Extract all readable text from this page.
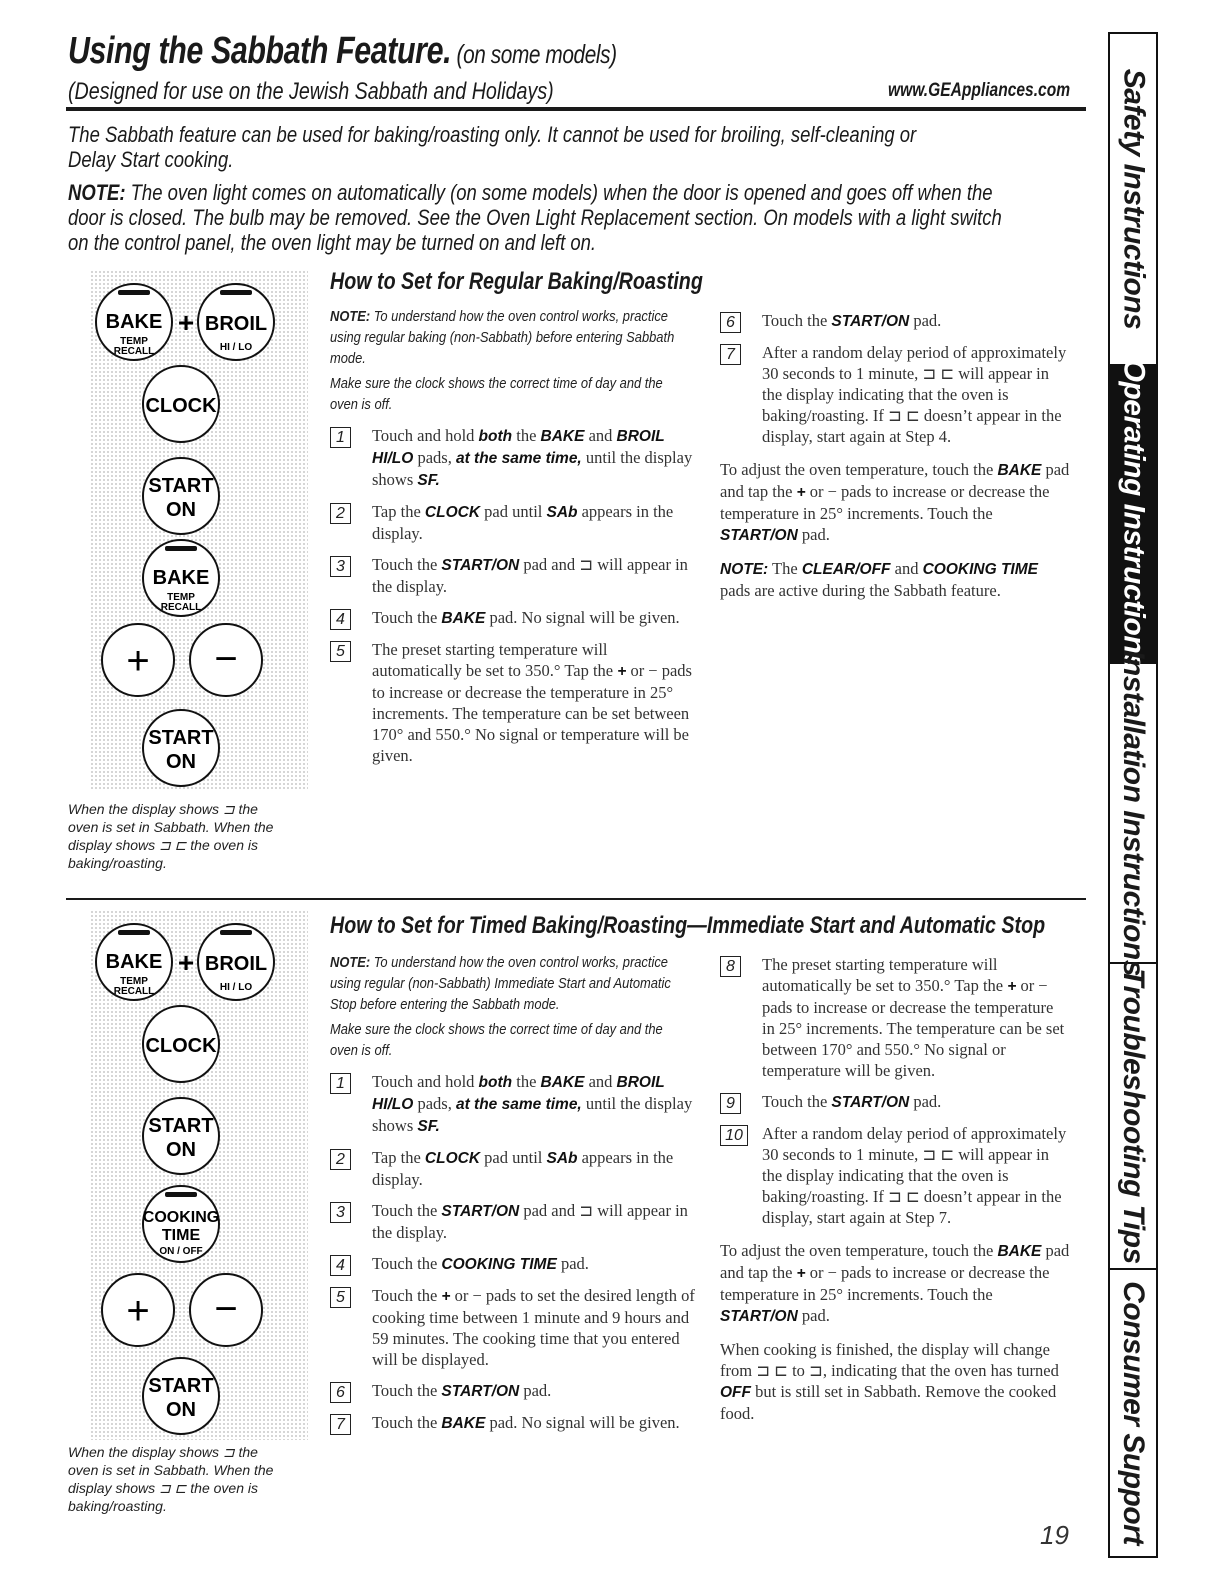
Using the Sabbath Feature. (on some models)
(Designed for use on the Jewish Sabbath and Holidays)	www.GEAppliances.com

The Sabbath feature can be used for baking/roasting only. It cannot be used for broiling, self-cleaning or
Delay Start cooking.

NOTE: The oven light comes on automatically (on some models) when the door is opened and goes off when the
door is closed. The bulb may be removed. See the Oven Light Replacement section. On models with a light switch
on the control panel, the oven light may be turned on and left on.

BAKE
TEMP
RECALL
+ BROIL
HI / LO
CLOCK
START
ON
BAKE
TEMP
RECALL
+ −
START
ON
When the display shows ⊐ the
oven is set in Sabbath. When the
display shows ⊐ ⊏ the oven is
baking/roasting.
How to Set for Regular Baking/Roasting
NOTE: To understand how the oven control works, practice using regular baking (non-Sabbath) before entering Sabbath mode.
Make sure the clock shows the correct time of day and the oven is off.
1	Touch and hold both the BAKE and BROIL HI/LO pads, at the same time, until the display shows SF.
2	Tap the CLOCK pad until SAb appears in the display.
3	Touch the START/ON pad and ⊐ will appear in the display.
4	Touch the BAKE pad. No signal will be given.
5	The preset starting temperature will automatically be set to 350.° Tap the + or − pads to increase or decrease the temperature in 25° increments. The temperature can be set between 170° and 550.° No signal or temperature will be given.
6	Touch the START/ON pad.
7	After a random delay period of approximately 30 seconds to 1 minute, ⊐ ⊏ will appear in the display indicating that the oven is baking/roasting. If ⊐ ⊏ doesn’t appear in the display, start again at Step 4.
To adjust the oven temperature, touch the BAKE pad and tap the + or − pads to increase or decrease the temperature in 25° increments. Touch the START/ON pad.
NOTE: The CLEAR/OFF and COOKING TIME pads are active during the Sabbath feature.
BAKE
TEMP
RECALL
+ BROIL
HI / LO
CLOCK
START
ON
COOKING
TIME
ON / OFF
+ −
START
ON
When the display shows ⊐ the
oven is set in Sabbath. When the
display shows ⊐ ⊏ the oven is
baking/roasting.
How to Set for Timed Baking/Roasting—Immediate Start and Automatic Stop
NOTE: To understand how the oven control works, practice using regular (non-Sabbath) Immediate Start and Automatic Stop before entering the Sabbath mode.
Make sure the clock shows the correct time of day and the oven is off.
1	Touch and hold both the BAKE and BROIL HI/LO pads, at the same time, until the display shows SF.
2	Tap the CLOCK pad until SAb appears in the display.
3	Touch the START/ON pad and ⊐ will appear in the display.
4	Touch the COOKING TIME pad.
5	Touch the + or − pads to set the desired length of cooking time between 1 minute and 9 hours and 59 minutes. The cooking time that you entered will be displayed.
6	Touch the START/ON pad.
7	Touch the BAKE pad. No signal will be given.
8	The preset starting temperature will automatically be set to 350.° Tap the + or − pads to increase or decrease the temperature in 25° increments. The temperature can be set between 170° and 550.° No signal or temperature will be given.
9	Touch the START/ON pad.
10	After a random delay period of approximately 30 seconds to 1 minute, ⊐ ⊏ will appear in the display indicating that the oven is baking/roasting. If ⊐ ⊏ doesn’t appear in the display, start again at Step 7.
To adjust the oven temperature, touch the BAKE pad and tap the + or − pads to increase or decrease the temperature in 25° increments. Touch the START/ON pad.
When cooking is finished, the display will change from ⊐ ⊏ to ⊐, indicating that the oven has turned OFF but is still set in Sabbath. Remove the cooked food.
19
Safety Instructions
Operating Instructions
Installation Instructions
Troubleshooting Tips
Consumer Support
